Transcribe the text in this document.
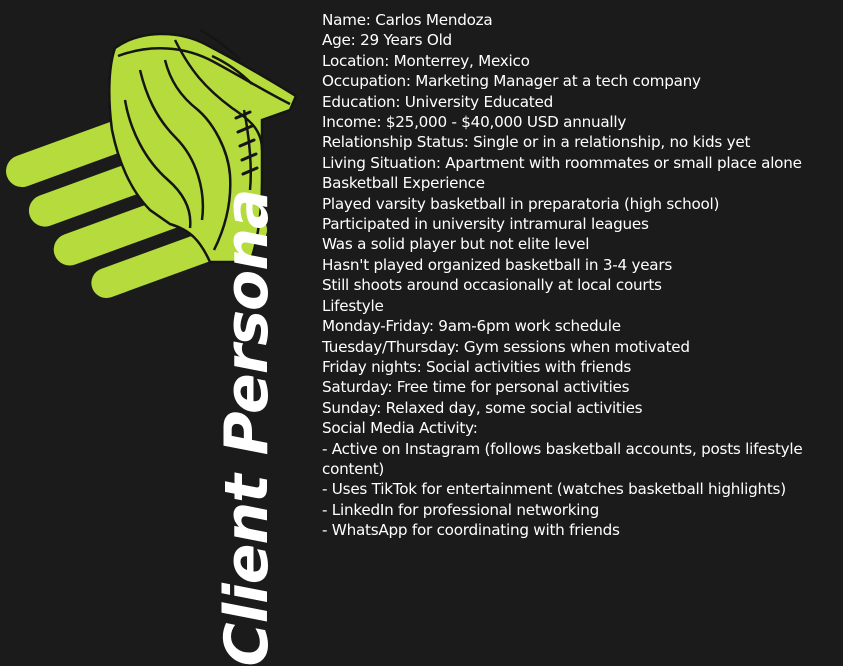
Client Persona
Name: Carlos Mendoza
Age: 29 Years Old
Location: Monterrey, Mexico
Occupation: Marketing Manager at a tech company
Education: University Educated
Income: $25,000 - $40,000 USD annually
Relationship Status: Single or in a relationship, no kids yet
Living Situation: Apartment with roommates or small place alone
Basketball Experience
Played varsity basketball in preparatoria (high school)
Participated in university intramural leagues
Was a solid player but not elite level
Hasn't played organized basketball in 3-4 years
Still shoots around occasionally at local courts
Lifestyle
Monday-Friday: 9am-6pm work schedule
Tuesday/Thursday: Gym sessions when motivated
Friday nights: Social activities with friends
Saturday: Free time for personal activities
Sunday: Relaxed day, some social activities
Social Media Activity:
- Active on Instagram (follows basketball accounts, posts lifestyle content)
- Uses TikTok for entertainment (watches basketball highlights)
- LinkedIn for professional networking
- WhatsApp for coordinating with friends
